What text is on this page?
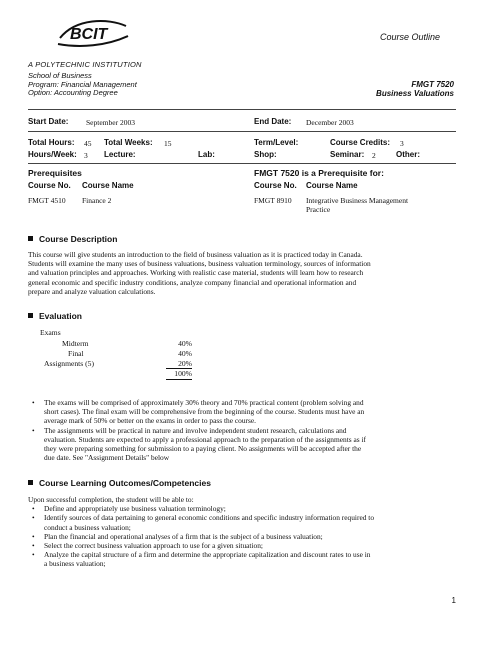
BCIT
A POLYTECHNIC INSTITUTION
Course Outline
School of Business
Program: Financial Management
Option: Accounting Degree
FMGT 7520
Business Valuations
Start Date: September 2003	End Date: December 2003
Total Hours: 45 Total Weeks: 15	Term/Level:	Course Credits: 3
Hours/Week: 3 Lecture:	Lab:	Shop:	Seminar: 2	Other:
Prerequisites
Course No. Course Name
FMGT 4510 Finance 2
FMGT 7520 is a Prerequisite for:
Course No. Course Name
FMGT 8910 Integrative Business Management
Practice
Course Description
This course will give students an introduction to the field of business valuation as it is practiced today in Canada.
Students will examine the many uses of business valuations, business valuation terminology, sources of information
and valuation principles and approaches. Working with realistic case material, students will learn how to research
general economic and specific industry conditions, analyze company financial and operational information and
prepare and analyze valuation calculations.
Evaluation
Exams
Midterm	40%
Final	40%
Assignments (5)	20%
	100%
• The exams will be comprised of approximately 30% theory and 70% practical content (problem solving and
short cases). The final exam will be comprehensive from the beginning of the course. Students must have an
average mark of 50% or better on the exams in order to pass the course.
• The assignments will be practical in nature and involve independent student research, calculations and
evaluation. Students are expected to apply a professional approach to the preparation of the assignments as if
they were preparing something for submission to a paying client. No assignments will be accepted after the
due date. See "Assignment Details" below
Course Learning Outcomes/Competencies
Upon successful completion, the student will be able to:
• Define and appropriately use business valuation terminology;
• Identify sources of data pertaining to general economic conditions and specific industry information required to
conduct a business valuation;
• Plan the financial and operational analyses of a firm that is the subject of a business valuation;
• Select the correct business valuation approach to use for a given situation;
• Analyze the capital structure of a firm and determine the appropriate capitalization and discount rates to use in
a business valuation;
1
